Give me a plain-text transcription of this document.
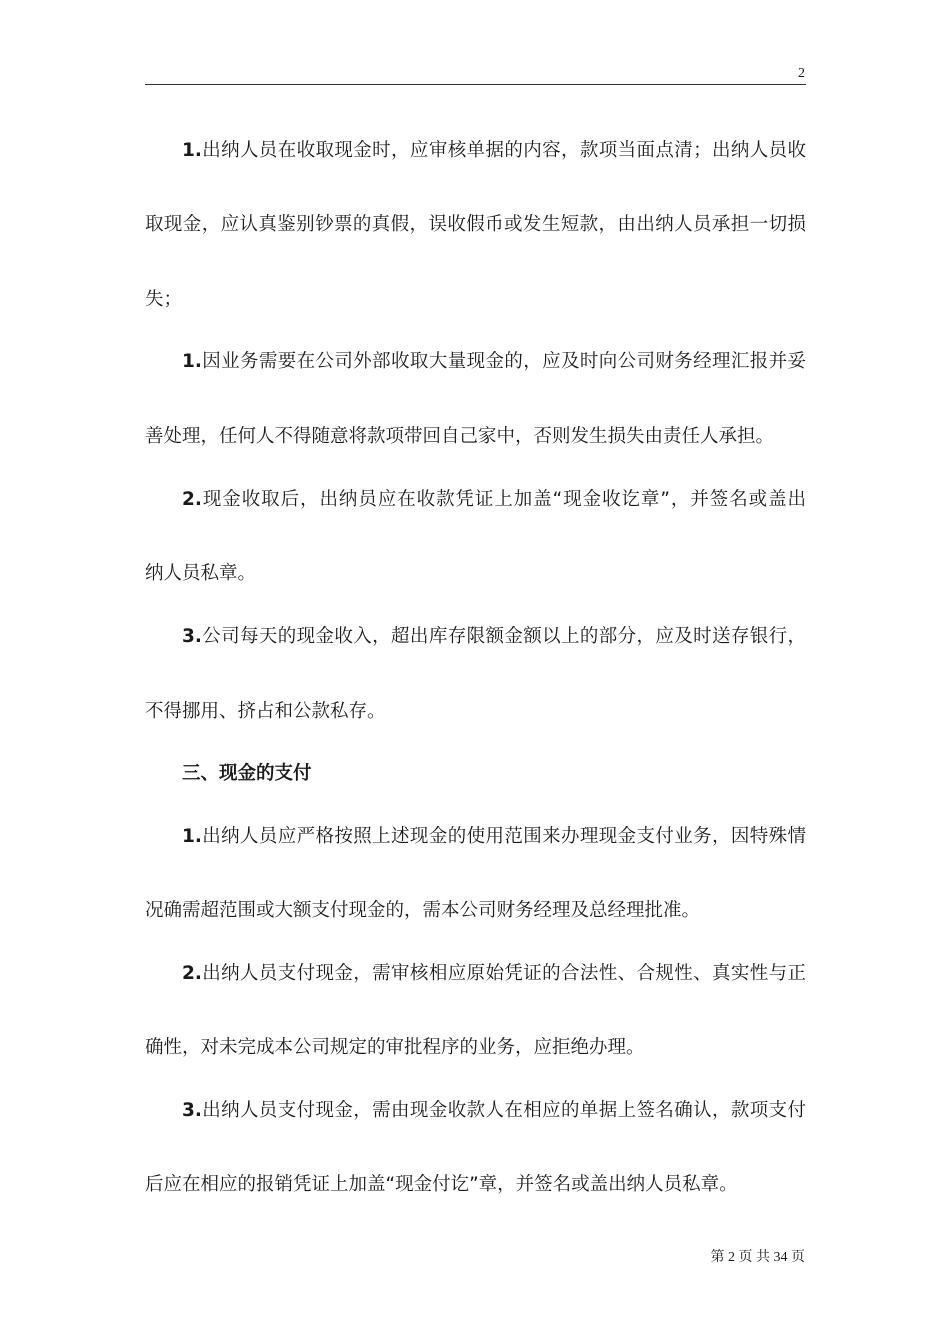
2
1.出纳人员在收取现金时，应审核单据的内容，款项当面点清；出纳人员收
取现金，应认真鉴别钞票的真假，误收假币或发生短款，由出纳人员承担一切损
失；
1.因业务需要在公司外部收取大量现金的，应及时向公司财务经理汇报并妥
善处理，任何人不得随意将款项带回自己家中，否则发生损失由责任人承担。
2.现金收取后，出纳员应在收款凭证上加盖“现金收讫章”，并签名或盖出
纳人员私章。
3.公司每天的现金收入，超出库存限额金额以上的部分，应及时送存银行，
不得挪用、挤占和公款私存。
三、现金的支付
1.出纳人员应严格按照上述现金的使用范围来办理现金支付业务，因特殊情
况确需超范围或大额支付现金的，需本公司财务经理及总经理批准。
2.出纳人员支付现金，需审核相应原始凭证的合法性、合规性、真实性与正
确性，对未完成本公司规定的审批程序的业务，应拒绝办理。
3.出纳人员支付现金，需由现金收款人在相应的单据上签名确认，款项支付
后应在相应的报销凭证上加盖“现金付讫”章，并签名或盖出纳人员私章。
第 2 页 共 34 页
